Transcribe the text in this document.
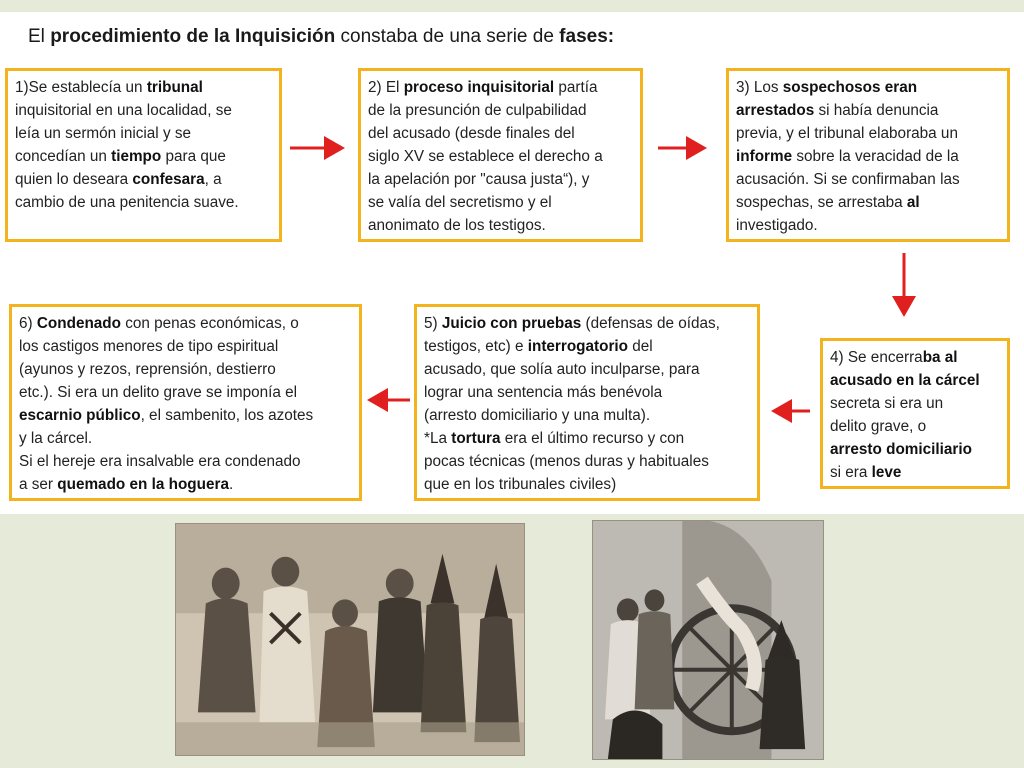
El procedimiento de la Inquisición constaba de una serie de fases:
1)Se establecía un tribunal
inquisitorial en una localidad, se
leía un sermón inicial y se
concedían un tiempo para que
quien lo deseara confesara, a
cambio de una penitencia suave.
2) El proceso inquisitorial partía
de la presunción de culpabilidad
del acusado (desde finales del
siglo XV se establece el derecho a
la apelación por "causa justa“), y
se valía del secretismo y el
anonimato de los testigos.
3) Los sospechosos eran
arrestados si había denuncia
previa, y el tribunal elaboraba un
informe sobre la veracidad de la
acusación. Si se confirmaban las
sospechas, se arrestaba al
investigado.
4) Se encerraba al
acusado en la cárcel
secreta si era un
delito grave, o
arresto domiciliario
si era leve
5) Juicio con pruebas (defensas de oídas,
testigos, etc) e interrogatorio del
acusado, que solía auto inculparse, para
lograr una sentencia más benévola
(arresto domiciliario y una multa).
*La tortura era el último recurso y con
pocas técnicas (menos duras y habituales
que en los tribunales civiles)
6) Condenado con penas económicas, o
los castigos menores de tipo espiritual
(ayunos y rezos, reprensión, destierro
etc.). Si era un delito grave se imponía el
escarnio público, el sambenito, los azotes
y la cárcel.
Si el hereje era insalvable era condenado
a ser quemado en la hoguera.
